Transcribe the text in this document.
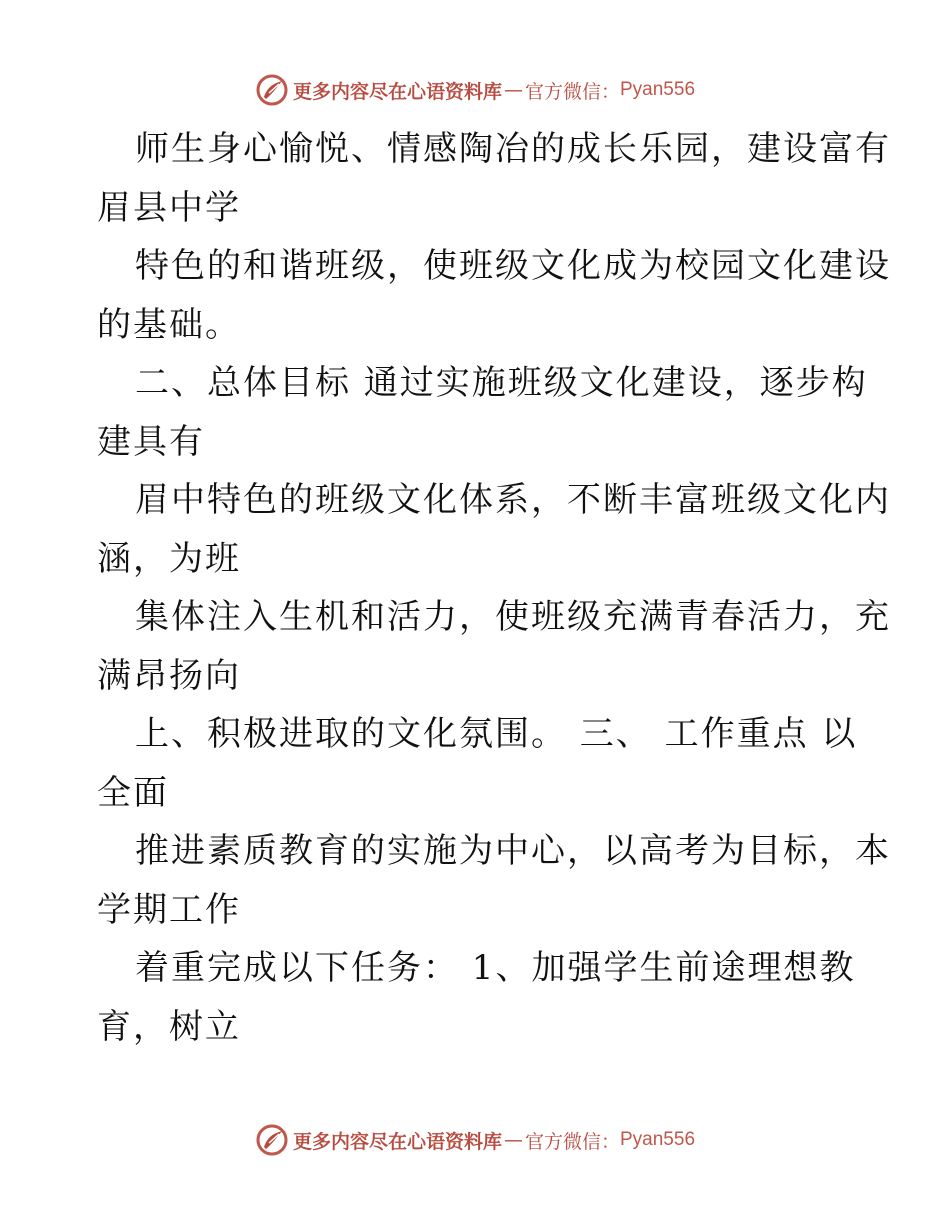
更多内容尽在心语资料库 — 官方微信： Pyan556
师生身心愉悦、情感陶冶的成长乐园，建设富有
眉县中学
特色的和谐班级，使班级文化成为校园文化建设
的基础。
二、总体目标 通过实施班级文化建设，逐步构
建具有
眉中特色的班级文化体系，不断丰富班级文化内
涵，为班
集体注入生机和活力，使班级充满青春活力，充
满昂扬向
上、积极进取的文化氛围。 三、 工作重点 以
全面
推进素质教育的实施为中心，以高考为目标，本
学期工作
着重完成以下任务： 1、加强学生前途理想教
育，树立
更多内容尽在心语资料库 — 官方微信： Pyan556
